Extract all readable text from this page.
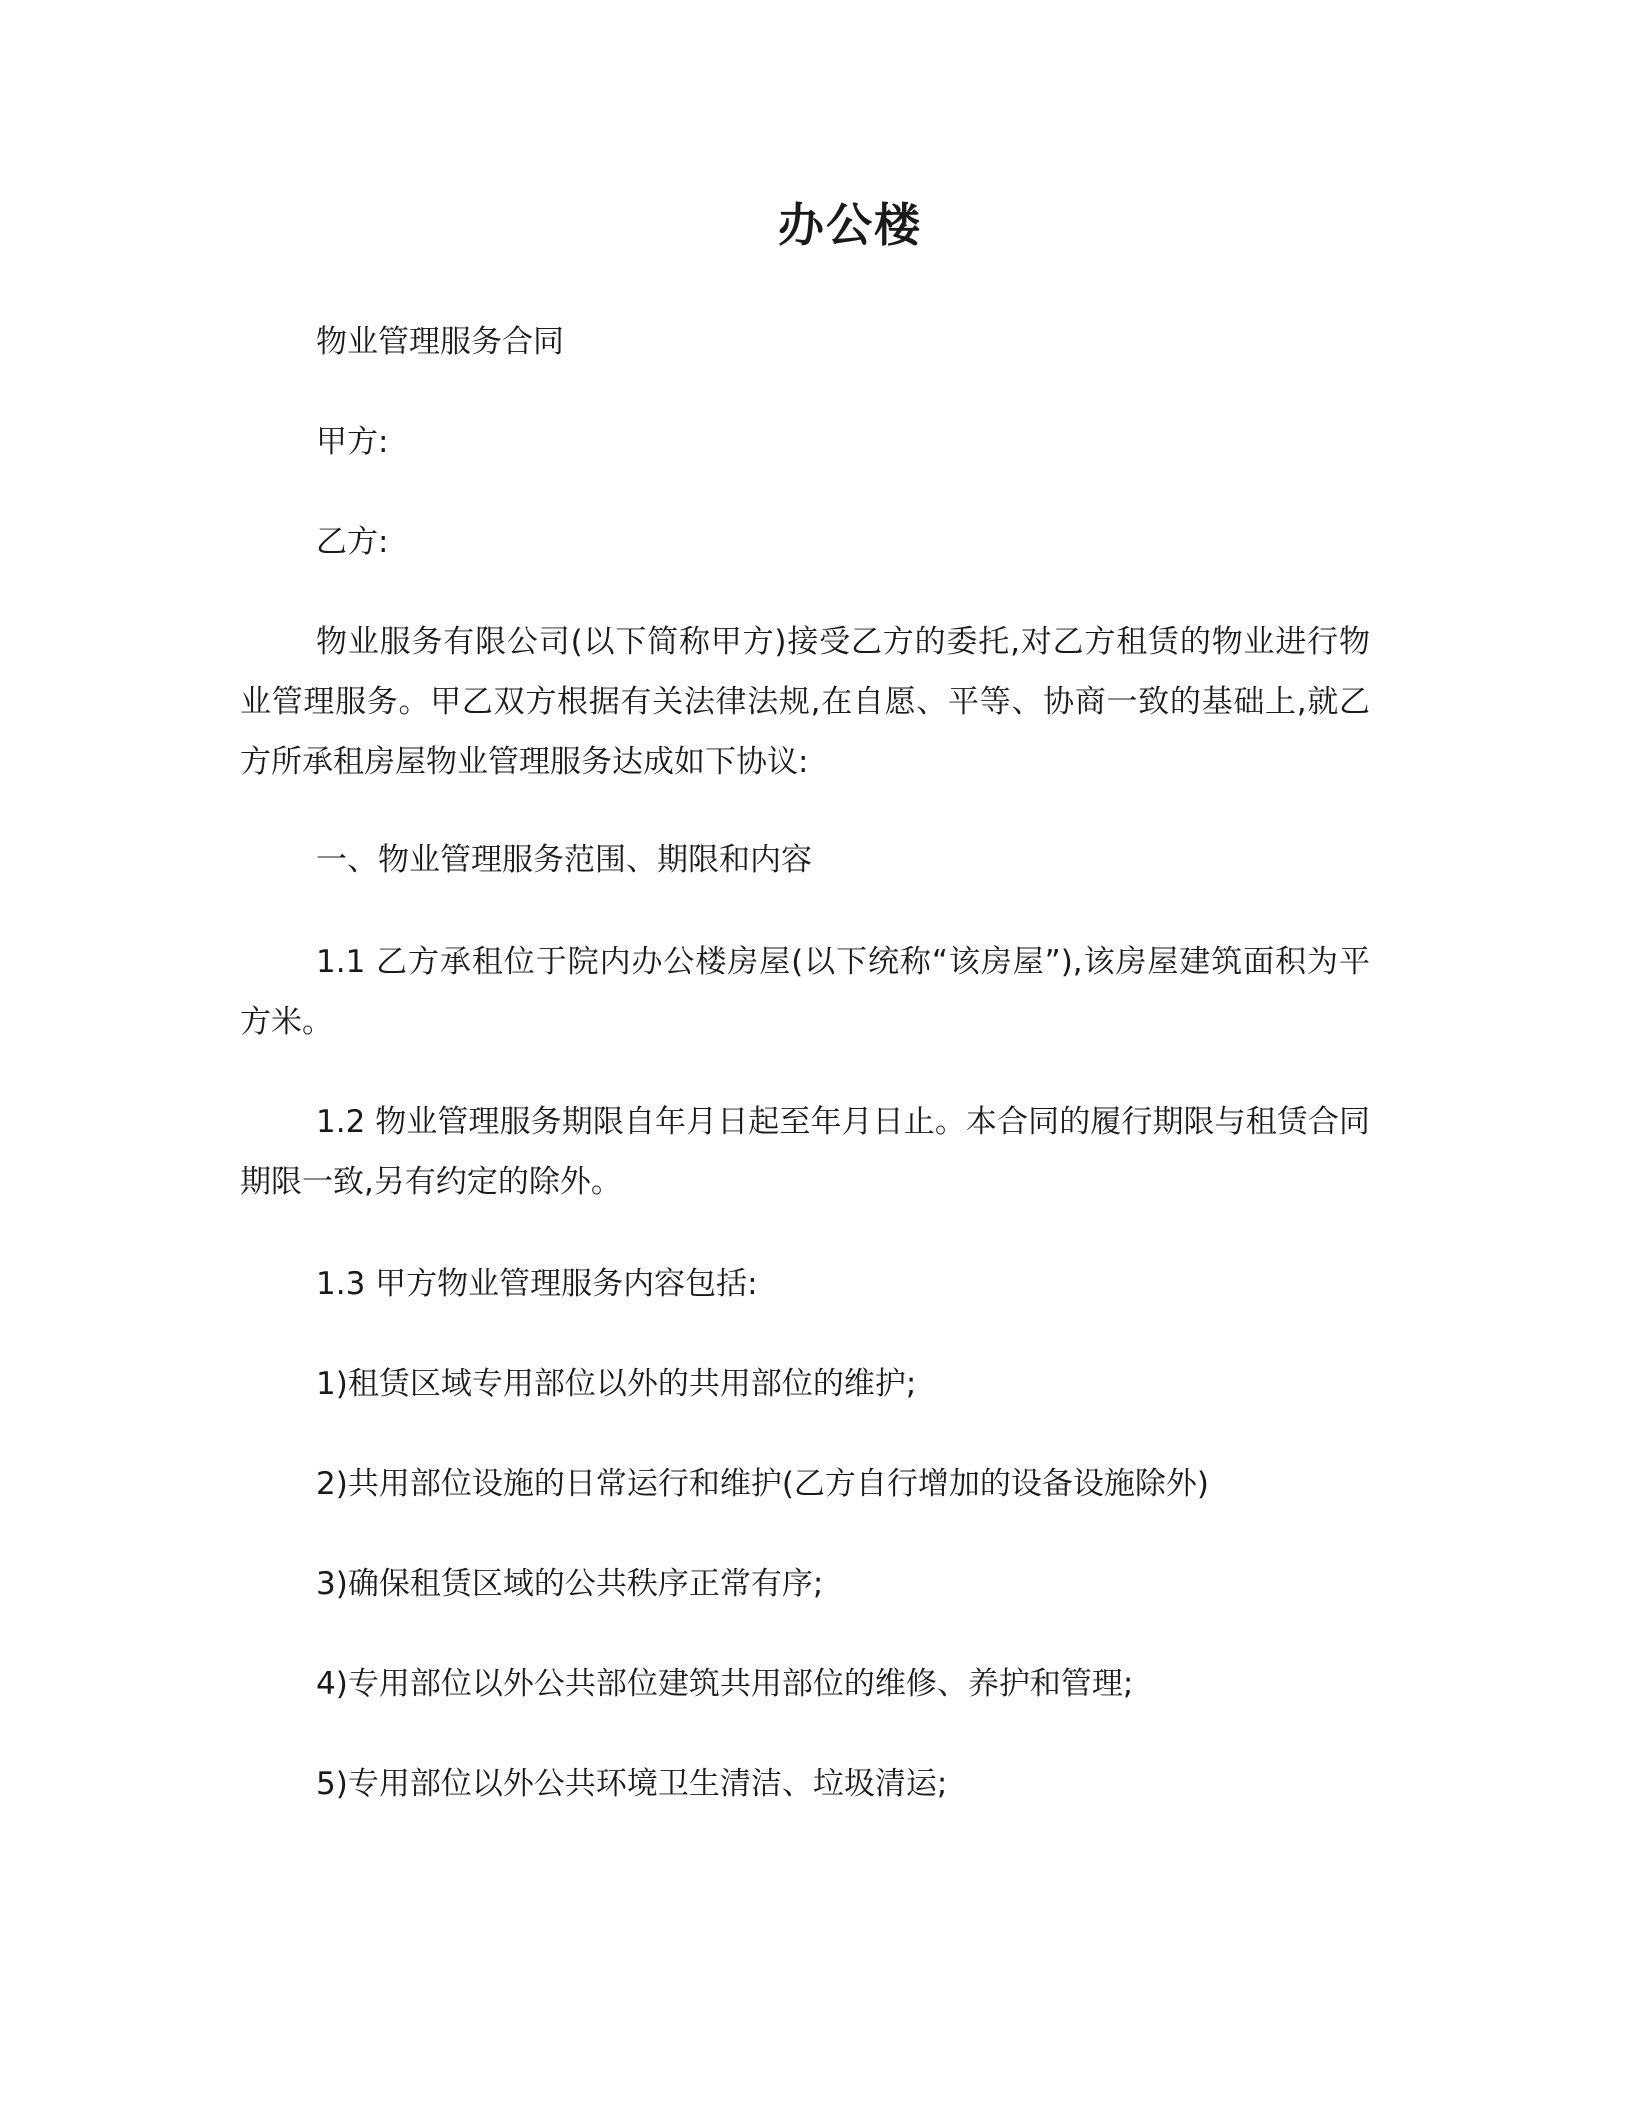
办公楼
物业管理服务合同
甲方:
乙方:
物业服务有限公司(以下简称甲方)接受乙方的委托,对乙方租赁的物业进行物业管理服务。甲乙双方根据有关法律法规,在自愿、平等、协商一致的基础上,就乙方所承租房屋物业管理服务达成如下协议:
一、物业管理服务范围、期限和内容
1.1 乙方承租位于院内办公楼房屋(以下统称“该房屋”),该房屋建筑面积为平方米。
1.2 物业管理服务期限自年月日起至年月日止。本合同的履行期限与租赁合同期限一致,另有约定的除外。
1.3 甲方物业管理服务内容包括:
1)租赁区域专用部位以外的共用部位的维护;
2)共用部位设施的日常运行和维护(乙方自行增加的设备设施除外)
3)确保租赁区域的公共秩序正常有序;
4)专用部位以外公共部位建筑共用部位的维修、养护和管理;
5)专用部位以外公共环境卫生清洁、垃圾清运;
